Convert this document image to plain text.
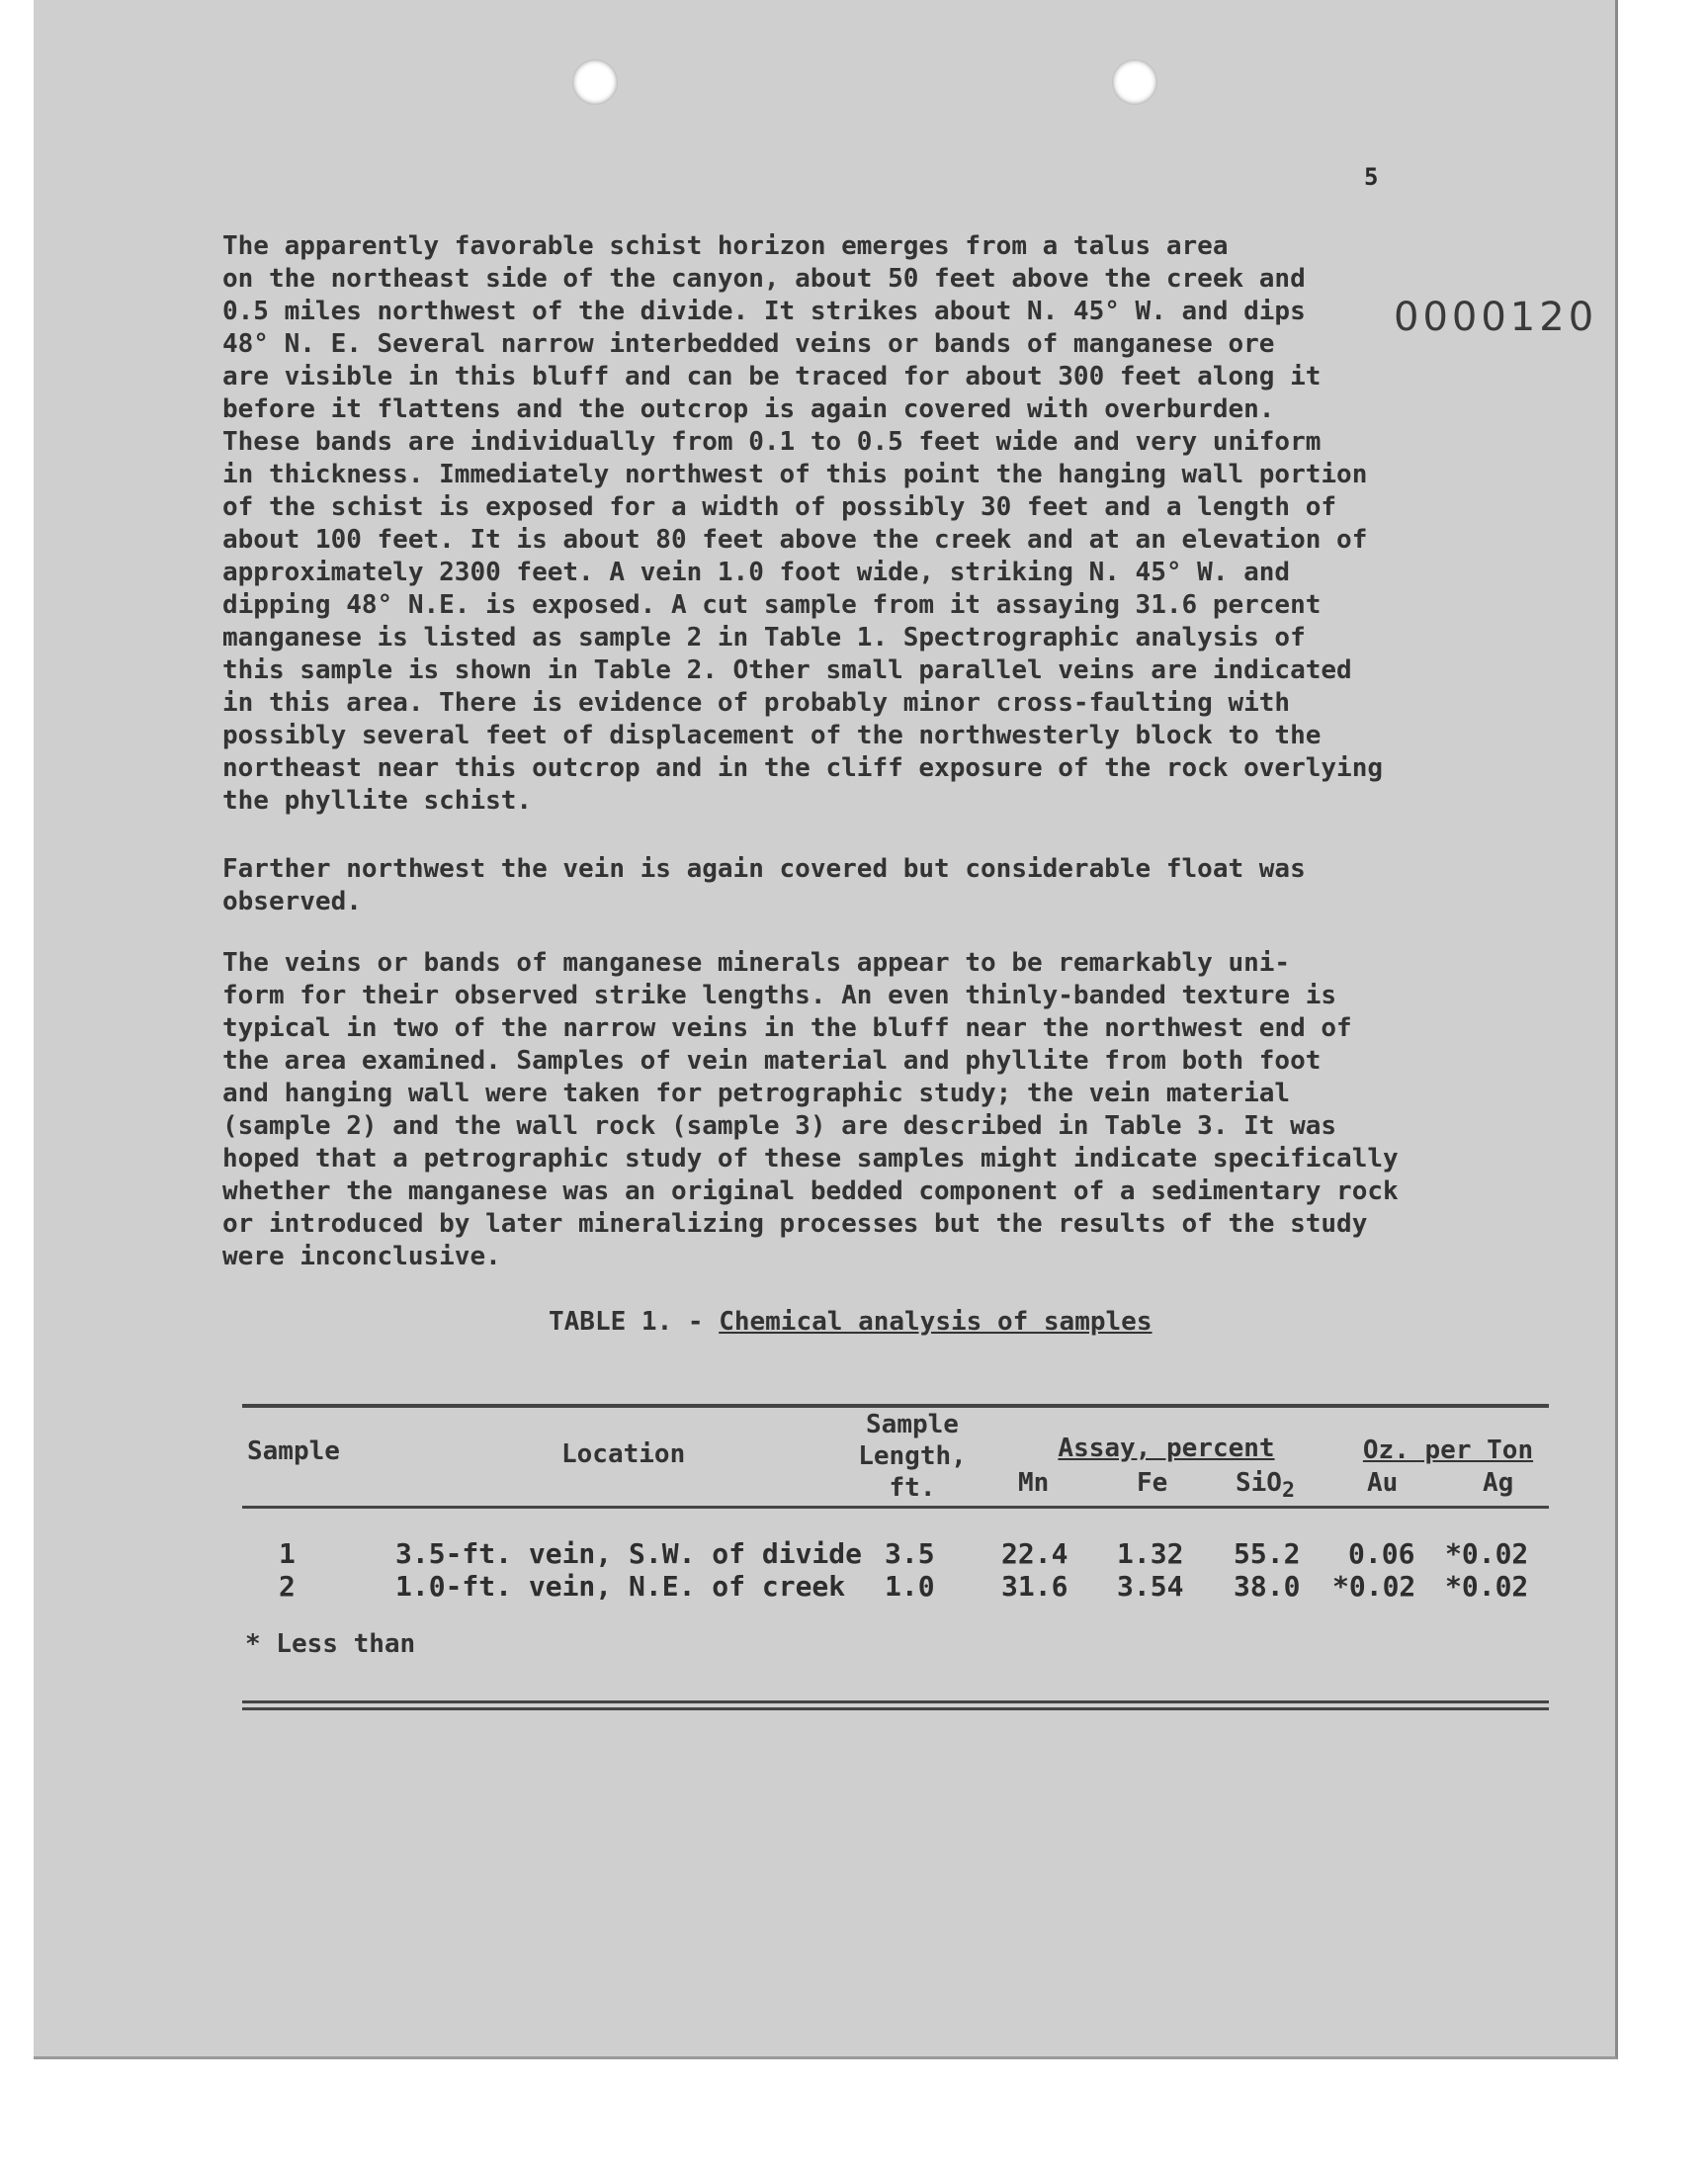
5
0000120
The apparently favorable schist horizon emerges from a talus area
on the northeast side of the canyon, about 50 feet above the creek and
0.5 miles northwest of the divide. It strikes about N. 45° W. and dips
48° N. E. Several narrow interbedded veins or bands of manganese ore
are visible in this bluff and can be traced for about 300 feet along it
before it flattens and the outcrop is again covered with overburden.
These bands are individually from 0.1 to 0.5 feet wide and very uniform
in thickness. Immediately northwest of this point the hanging wall portion
of the schist is exposed for a width of possibly 30 feet and a length of
about 100 feet. It is about 80 feet above the creek and at an elevation of
approximately 2300 feet. A vein 1.0 foot wide, striking N. 45° W. and
dipping 48° N.E. is exposed. A cut sample from it assaying 31.6 percent
manganese is listed as sample 2 in Table 1. Spectrographic analysis of
this sample is shown in Table 2. Other small parallel veins are indicated
in this area. There is evidence of probably minor cross-faulting with
possibly several feet of displacement of the northwesterly block to the
northeast near this outcrop and in the cliff exposure of the rock overlying
the phyllite schist.
Farther northwest the vein is again covered but considerable float was
observed.
The veins or bands of manganese minerals appear to be remarkably uni-
form for their observed strike lengths. An even thinly-banded texture is
typical in two of the narrow veins in the bluff near the northwest end of
the area examined. Samples of vein material and phyllite from both foot
and hanging wall were taken for petrographic study; the vein material
(sample 2) and the wall rock (sample 3) are described in Table 3. It was
hoped that a petrographic study of these samples might indicate specifically
whether the manganese was an original bedded component of a sedimentary rock
or introduced by later mineralizing processes but the results of the study
were inconclusive.
TABLE 1. - Chemical analysis of samples
Sample	Location
Sample
Length,
ft.
Assay, percent	Oz. per Ton
Mn	Fe	SiO$_2$	Au	Ag
1	3.5-ft. vein, S.W. of divide 3.5 22.4 1.32 55.2 0.06 *0.02
2	1.0-ft. vein, N.E. of creek 1.0 31.6 3.54 38.0 *0.02 *0.02
* Less than
